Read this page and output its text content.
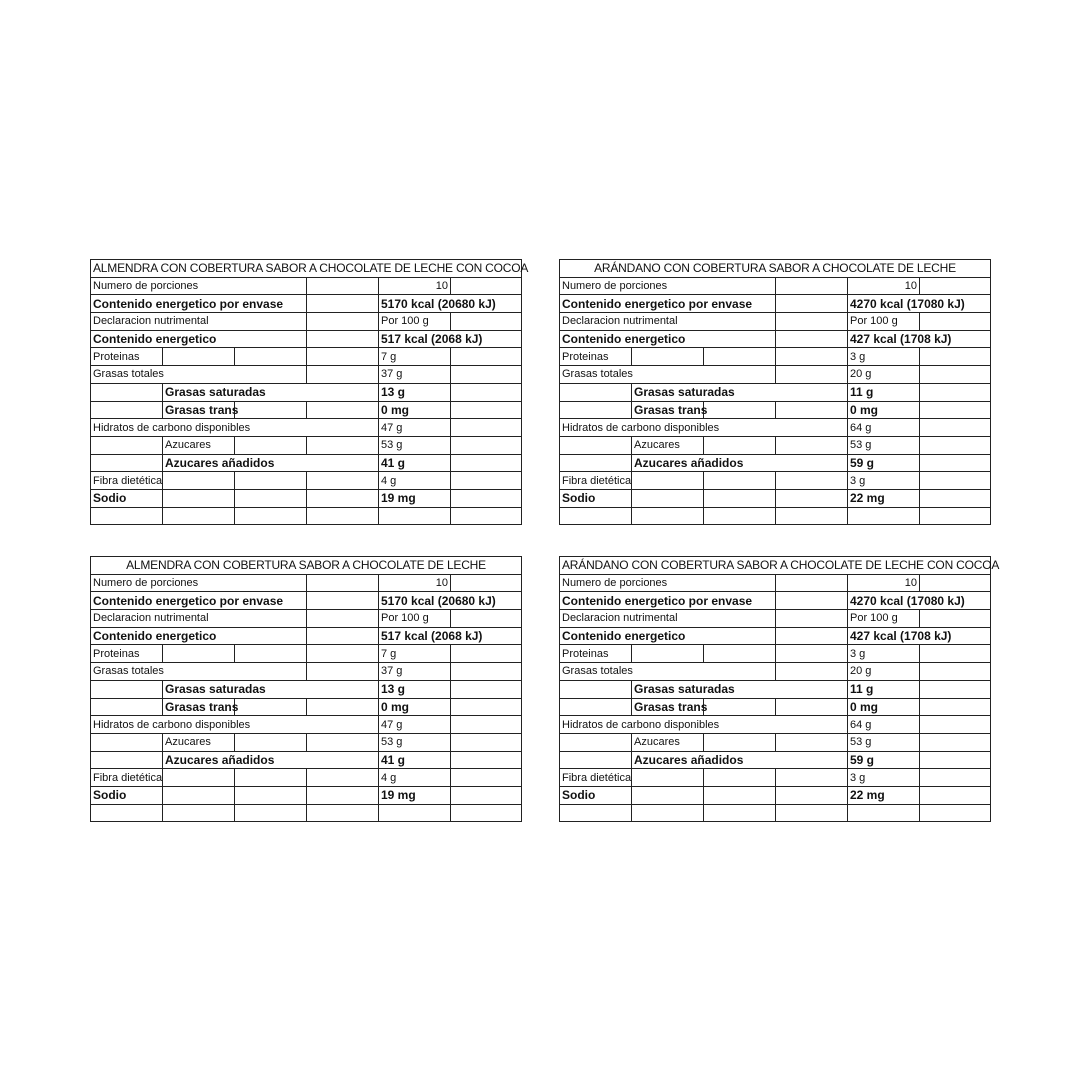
ALMENDRA CON COBERTURA SABOR A CHOCOLATE DE LECHE CON COCOA					
Numero de porciones				10	
Contenido energetico por envase				5170 kcal (20680 kJ)	
Declaracion nutrimental				Por 100 g	
Contenido energetico				517 kcal (2068 kJ)	
Proteinas				7 g	
Grasas totales				37 g	
	Grasas saturadas			13 g	
	Grasas trans			0 mg	
Hidratos de carbono disponibles				47 g	
	Azucares			53 g	
	Azucares añadidos			41 g	
Fibra dietética				4 g	
Sodio				19 mg	

ARÁNDANO CON COBERTURA SABOR A CHOCOLATE DE LECHE					
Numero de porciones				10	
Contenido energetico por envase				4270 kcal (17080 kJ)	
Declaracion nutrimental				Por 100 g	
Contenido energetico				427 kcal (1708 kJ)	
Proteinas				3 g	
Grasas totales				20 g	
	Grasas saturadas			11 g	
	Grasas trans			0 mg	
Hidratos de carbono disponibles				64 g	
	Azucares			53 g	
	Azucares añadidos			59 g	
Fibra dietética				3 g	
Sodio				22 mg	

ALMENDRA CON COBERTURA SABOR A CHOCOLATE DE LECHE					
Numero de porciones				10	
Contenido energetico por envase				5170 kcal (20680 kJ)	
Declaracion nutrimental				Por 100 g	
Contenido energetico				517 kcal (2068 kJ)	
Proteinas				7 g	
Grasas totales				37 g	
	Grasas saturadas			13 g	
	Grasas trans			0 mg	
Hidratos de carbono disponibles				47 g	
	Azucares			53 g	
	Azucares añadidos			41 g	
Fibra dietética				4 g	
Sodio				19 mg	

ARÁNDANO CON COBERTURA SABOR A CHOCOLATE DE LECHE CON COCOA					
Numero de porciones				10	
Contenido energetico por envase				4270 kcal (17080 kJ)	
Declaracion nutrimental				Por 100 g	
Contenido energetico				427 kcal (1708 kJ)	
Proteinas				3 g	
Grasas totales				20 g	
	Grasas saturadas			11 g	
	Grasas trans			0 mg	
Hidratos de carbono disponibles				64 g	
	Azucares			53 g	
	Azucares añadidos			59 g	
Fibra dietética				3 g	
Sodio				22 mg	
